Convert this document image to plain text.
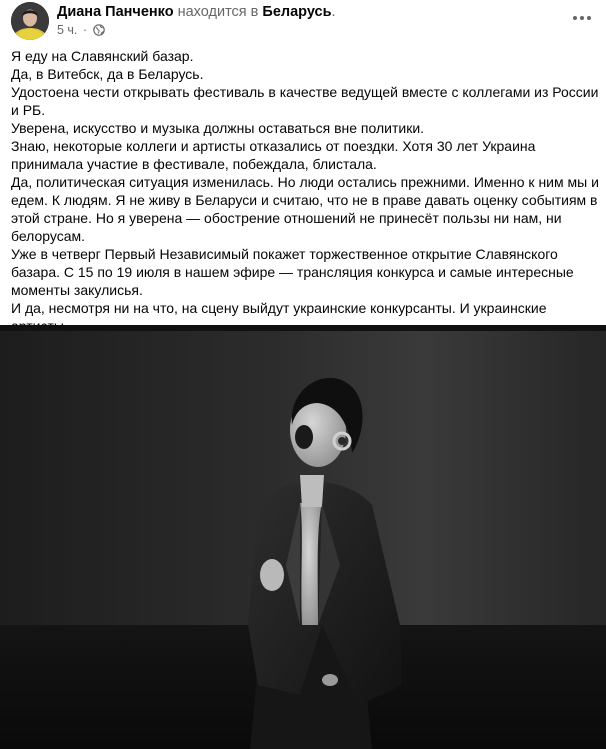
Диана Панченко находится в Беларусь.
5 ч. ·

Я еду на Славянский базар.

Да, в Витебск, да в Беларусь.

Удостоена чести открывать фестиваль в качестве ведущей вместе с коллегами из России и РБ.

Уверена, искусство и музыка должны оставаться вне политики.

Знаю, некоторые коллеги и артисты отказались от поездки. Хотя 30 лет Украина принимала участие в фестивале, побеждала, блистала.

Да, политическая ситуация изменилась. Но люди остались прежними. Именно к ним мы и едем. К людям. Я не живу в Беларуси и считаю, что не в праве давать оценку событиям в этой стране. Но я уверена — обострение отношений не принесёт пользы ни нам, ни белорусам.

Уже в четверг Первый Независимый покажет торжественное открытие Славянского базара. С 15 по 19 июля в нашем эфире — трансляция конкурса и самые интересные моменты закулисья.

И да, несмотря ни на что, на сцену выйдут украинские конкурсанты. И украинские
